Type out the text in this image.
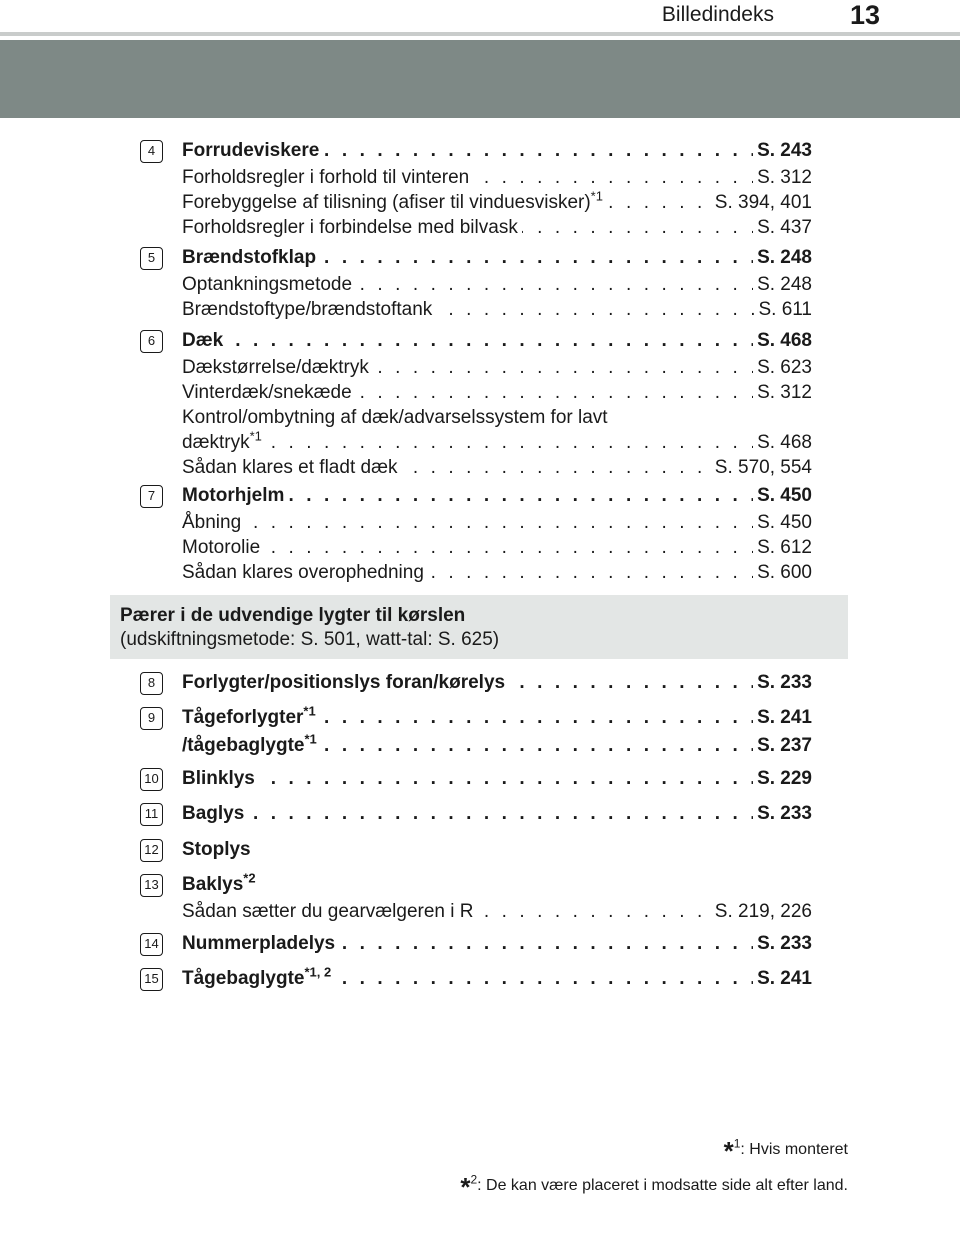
Billedindeks	13
4 . . .	Forrudeviskere	S. 243
. . .
Forholdsregler i forhold til vinteren	S. 312
. . .
Forebyggelse af tilisning (afiser til vinduesvisker)$^{*1}$	S. 394, 401
. . .
Forholdsregler i forbindelse med bilvask	S. 437
5 . . .	Brændstofklap	S. 248
. . .
Optankningsmetode	S. 248
. . .
Brændstoftype/brændstoftank	S. 611
6 . . .	Dæk	S. 468
. . .
Dækstørrelse/dæktryk	S. 623
. . .
Vinterdæk/snekæde	S. 312
Kontrol/ombytning af dæk/advarselssystem for lavt
. . .
dæktryk$^{*1}$	S. 468
. . .
Sådan klares et fladt dæk	S. 570, 554
7 . . .	Motorhjelm	S. 450
. . .
Åbning	S. 450
. . .
Motorolie	S. 612
. . .
Sådan klares overophedning	S. 600
Pærer i de udvendige lygter til kørslen
(udskiftningsmetode: S. 501, watt-tal: S. 625)
8 . . .	Forlygter/positionslys foran/kørelys	S. 233
9 . . .	Tågeforlygter$^{*1}$	S. 241
. . .
/tågebaglygte$^{*1}$	S. 237
10 . . . Blinklys	S. 229
11 . . . Baglys	S. 233
12 Stoplys
13 Baklys$^{*2}$
. . .
Sådan sætter du gearvælgeren i R	S. 219, 226
14 . . . Nummerpladelys	S. 233
15 . . . Tågebaglygte$^{*1, 2}$	S. 241
*$^1$: Hvis monteret
*$^2$: De kan være placeret i modsatte side alt efter land.
